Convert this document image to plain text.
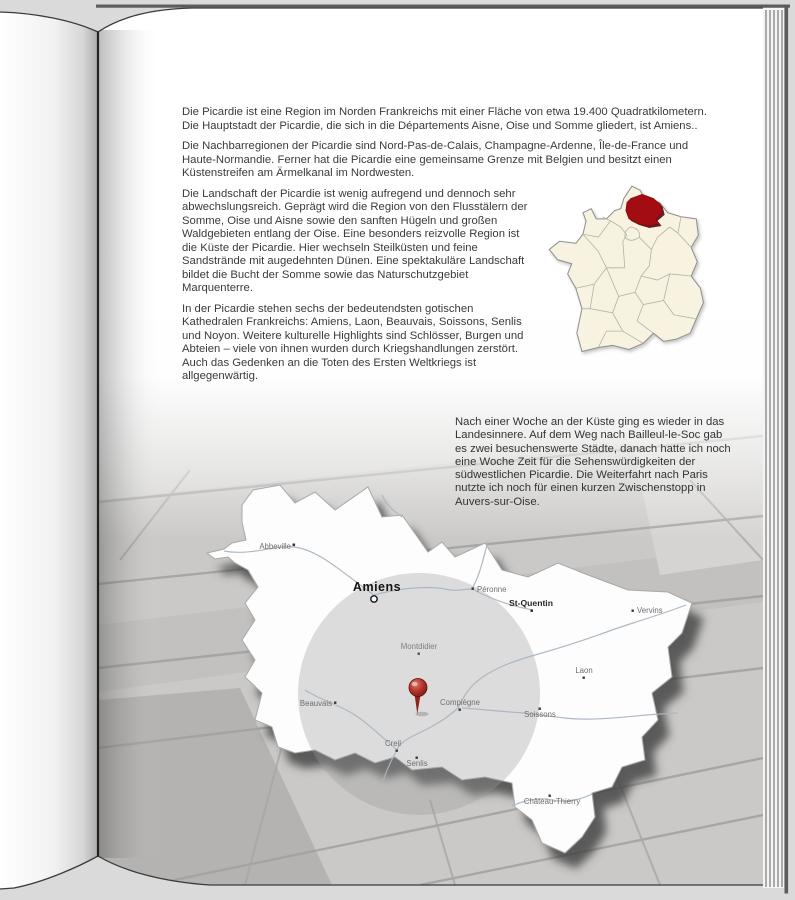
Die Picardie ist eine Region im Norden Frankreichs mit einer Fläche von etwa 19.400 Quadratkilometern. Die Hauptstadt der Picardie, die sich in die Départements Aisne, Oise und Somme gliedert, ist Amiens..

Die Nachbarregionen der Picardie sind Nord-Pas-de-Calais, Champagne-Ardenne, Île-de-France und Haute-Normandie. Ferner hat die Picardie eine gemeinsame Grenze mit Belgien und besitzt einen Küstenstreifen am Ärmelkanal im Nordwesten.

Die Landschaft der Picardie ist wenig aufregend und dennoch sehr abwechslungsreich. Geprägt wird die Region von den Flusstälern der Somme, Oise und Aisne sowie den sanften Hügeln und großen Waldgebieten entlang der Oise. Eine besonders reizvolle Region ist die Küste der Picardie. Hier wechseln Steilküsten und feine Sandstrände mit augedehnten Dünen. Eine spektakuläre Landschaft bildet die Bucht der Somme sowie das Naturschutzgebiet Marquenterre.

In der Picardie stehen sechs der bedeutendsten gotischen Kathedralen Frankreichs: Amiens, Laon, Beauvais, Soissons, Senlis und Noyon. Weitere kulturelle Highlights sind Schlösser, Burgen und Abteien – viele von ihnen wurden durch Kriegshandlungen zerstört. Auch das Gedenken an die Toten des Ersten Weltkriegs ist allgegenwärtig.

Nach einer Woche an der Küste ging es wieder in das Landesinnere. Auf dem Weg nach Bailleul-le-Soc gab es zwei besuchenswerte Städte, danach hatte ich noch eine Woche Zeit für die Sehenswürdigkeiten der südwestlichen Picardie. Die Weiterfahrt nach Paris nutzte ich noch für einen kurzen Zwischenstopp in Auvers-sur-Oise.
Abbeville
Amiens	Péronne
St-Quentin
Vervins
Montdidier
Laon
Beauvais	Compiègne
Soissons
Creil
Senlis
Château-Thierry
